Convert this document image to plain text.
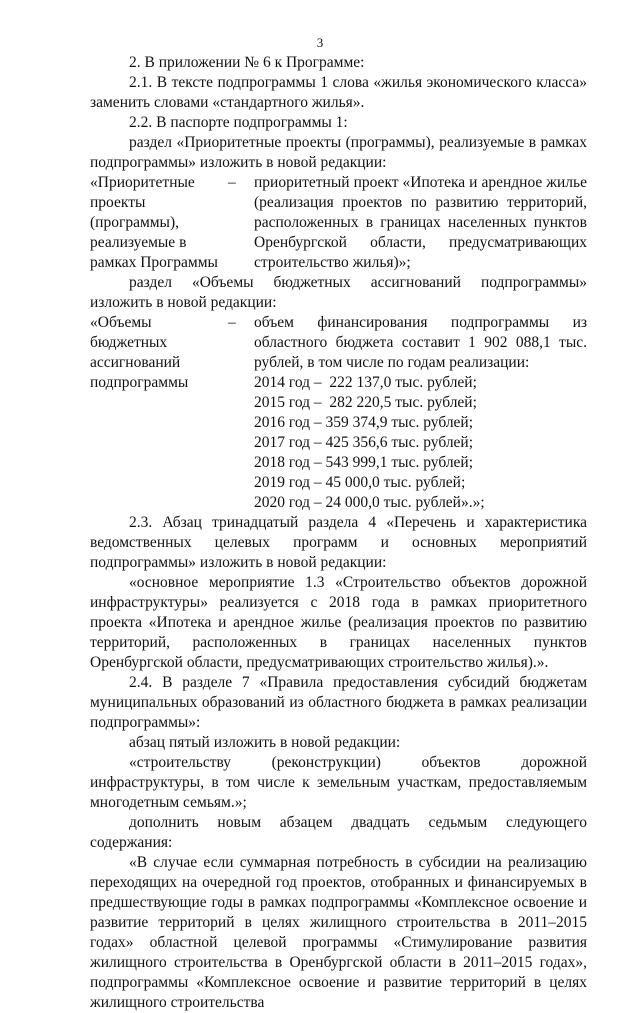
3

2. В приложении № 6 к Программе:

2.1. В тексте подпрограммы 1 слова «жилья экономического класса» заменить словами «стандартного жилья».

2.2. В паспорте подпрограммы 1:

раздел «Приоритетные проекты (программы), реализуемые в рамках подпрограммы» изложить в новой редакции:

«Приоритетные
проекты
(программы),
реализуемые в
рамках Программы
–	приоритетный проект «Ипотека и арендное жилье (реализация проектов по развитию территорий, расположенных в границах населенных пунктов Оренбургской области, предусматривающих строительство жилья)»;

раздел «Объемы бюджетных ассигнований подпрограммы» изложить в новой редакции:

«Объемы
бюджетных
ассигнований
подпрограммы
–	объем финансирования подпрограммы из областного бюджета составит 1 902 088,1 тыс. рублей, в том числе по годам реализации:
2014 год –  222 137,0 тыс. рублей;
2015 год –  282 220,5 тыс. рублей;
2016 год – 359 374,9 тыс. рублей;
2017 год – 425 356,6 тыс. рублей;
2018 год – 543 999,1 тыс. рублей;
2019 год – 45 000,0 тыс. рублей;
2020 год – 24 000,0 тыс. рублей».»;

2.3. Абзац тринадцатый раздела 4 «Перечень и характеристика ведомственных целевых программ и основных мероприятий подпрограммы» изложить в новой редакции:

«основное мероприятие 1.3 «Строительство объектов дорожной инфраструктуры» реализуется с 2018 года в рамках приоритетного проекта «Ипотека и арендное жилье (реализация проектов по развитию территорий, расположенных в границах населенных пунктов Оренбургской области, предусматривающих строительство жилья).».

2.4. В разделе 7 «Правила предоставления субсидий бюджетам муниципальных образований из областного бюджета в рамках реализации подпрограммы»:

абзац пятый изложить в новой редакции:

«строительству (реконструкции) объектов дорожной инфраструктуры, в том числе к земельным участкам, предоставляемым многодетным семьям.»;

дополнить новым абзацем двадцать седьмым следующего содержания:

«В случае если суммарная потребность в субсидии на реализацию переходящих на очередной год проектов, отобранных и финансируемых в предшествующие годы в рамках подпрограммы «Комплексное освоение и развитие территорий в целях жилищного строительства в 2011–2015 годах» областной целевой программы «Стимулирование развития жилищного строительства в Оренбургской области в 2011–2015 годах», подпрограммы «Комплексное освоение и развитие территорий в целях жилищного строительства
